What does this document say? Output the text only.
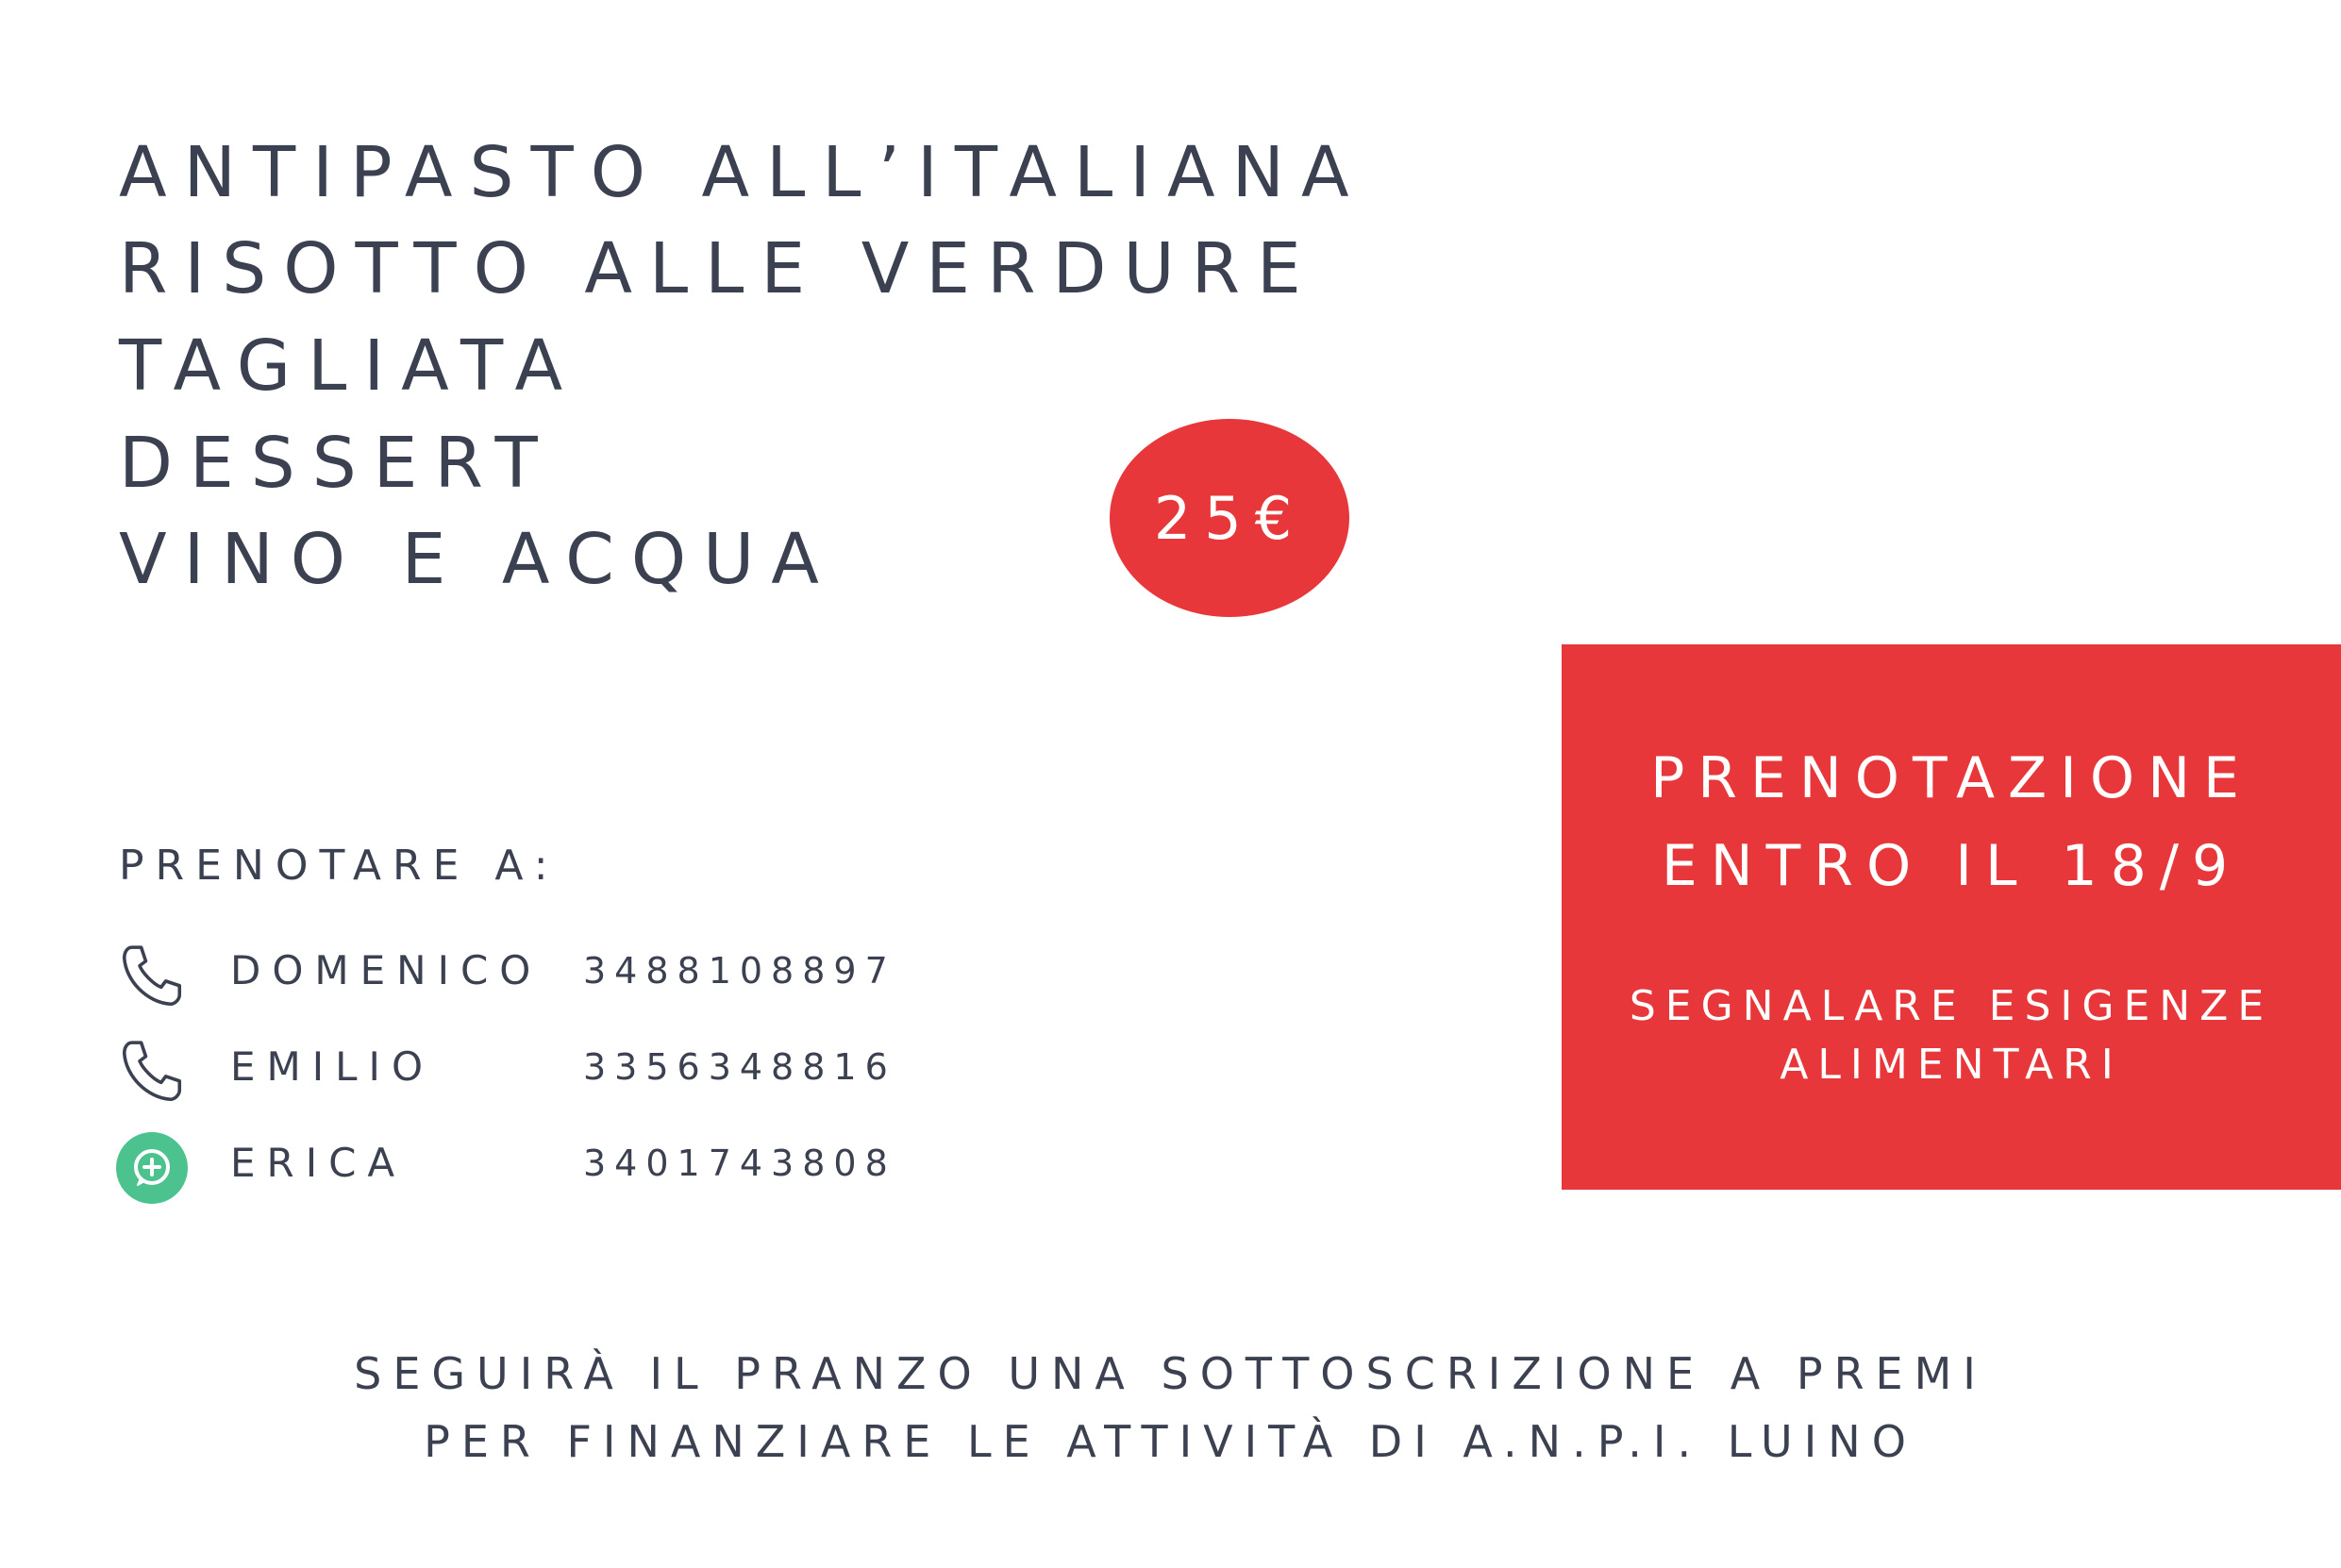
ANTIPASTO ALL’ITALIANA
RISOTTO ALLE VERDURE
TAGLIATA
DESSERT
VINO E ACQUA
25€
PRENOTAZIONE
ENTRO IL 18/9
SEGNALARE ESIGENZE
ALIMENTARI
PRENOTARE A:
DOMENICO 3488108897
EMILIO	3356348816
ERICA	3401743808
SEGUIRÀ IL PRANZO UNA SOTTOSCRIZIONE A PREMI
PER FINANZIARE LE ATTIVITÀ DI A.N.P.I. LUINO
